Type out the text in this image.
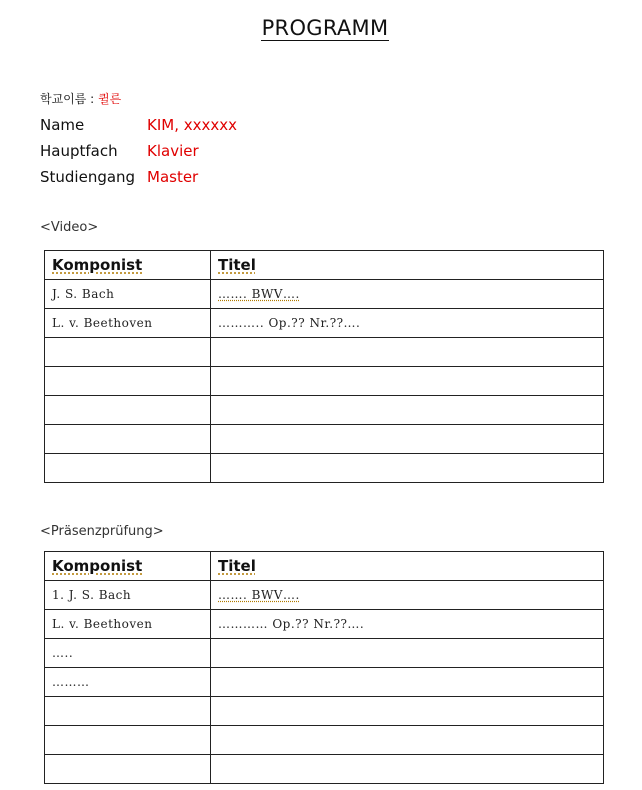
PROGRAMM
학교이름 : 퀼른
Name	KIM, xxxxxx
Hauptfach Klavier
Studiengang Master
<Video>
Komponist	Titel
J. S. Bach	……. BWV….
L. v. Beethoven	……….. Op.?? Nr.??….

<Präsenzprüfung>
Komponist	Titel
1. J. S. Bach	……. BWV….
L. v. Beethoven	………… Op.?? Nr.??….
…..	
………	
